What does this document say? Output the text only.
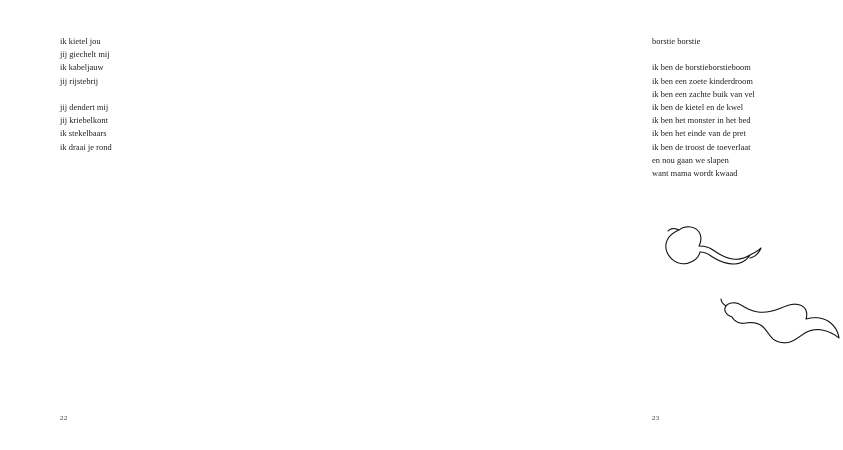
ik kietel jou
jij giechelt mij
ik kabeljauw
jij rijstebrij
jij dendert mij
jij kriebelkont
ik stekelbaars
ik draai je rond
22
borstie borstie
ik ben de borstieborstieboom
ik ben een zoete kinderdroom
ik ben een zachte buik van vel
ik ben de kietel en de kwel
ik ben het monster in het bed
ik ben het einde van de pret
ik ben de troost de toeverlaat
en nou gaan we slapen
want mama wordt kwaad
23
